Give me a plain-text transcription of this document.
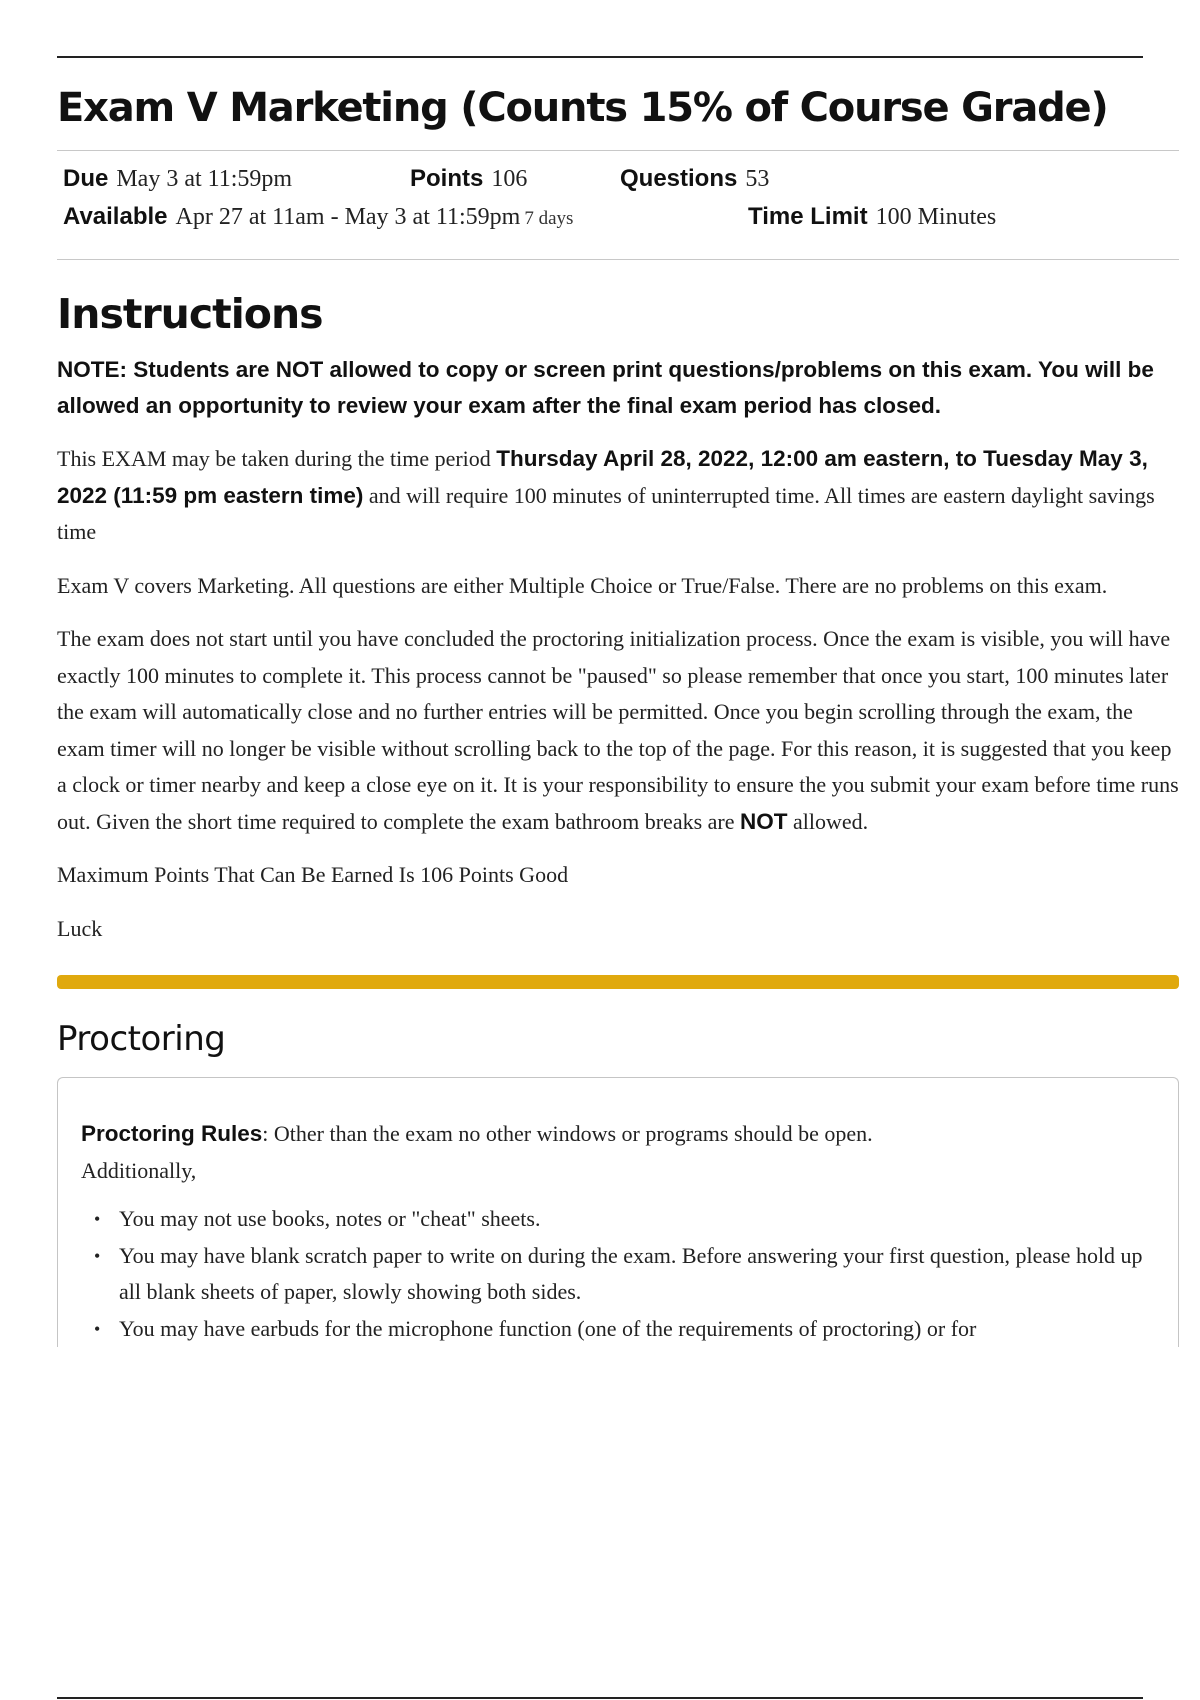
Exam V Marketing (Counts 15% of Course Grade)
Due May 3 at 11:59pm	Points 106	Questions 53
Available Apr 27 at 11am - May 3 at 11:59pm 7 days	Time Limit 100 Minutes
Instructions

NOTE: Students are NOT allowed to copy or screen print questions/problems on this exam. You will be allowed an opportunity to review your exam after the final exam period has closed.

This EXAM may be taken during the time period Thursday April 28, 2022, 12:00 am eastern, to Tuesday May 3, 2022 (11:59 pm eastern time) and will require 100 minutes of uninterrupted time. All times are eastern daylight savings time

Exam V covers Marketing. All questions are either Multiple Choice or True/False. There are no problems on this exam.

The exam does not start until you have concluded the proctoring initialization process. Once the exam is visible, you will have exactly 100 minutes to complete it. This process cannot be "paused" so please remember that once you start, 100 minutes later the exam will automatically close and no further entries will be permitted. Once you begin scrolling through the exam, the exam timer will no longer be visible without scrolling back to the top of the page. For this reason, it is suggested that you keep a clock or timer nearby and keep a close eye on it. It is your responsibility to ensure the you submit your exam before time runs out. Given the short time required to complete the exam bathroom breaks are NOT allowed.

Maximum Points That Can Be Earned Is 106 Points Good

Luck

Proctoring

Proctoring Rules: Other than the exam no other windows or programs should be open.
Additionally,

• You may not use books, notes or "cheat" sheets.
• You may have blank scratch paper to write on during the exam. Before answering your first question, please hold up all blank sheets of paper, slowly showing both sides.
• You may have earbuds for the microphone function (one of the requirements of proctoring) or for
